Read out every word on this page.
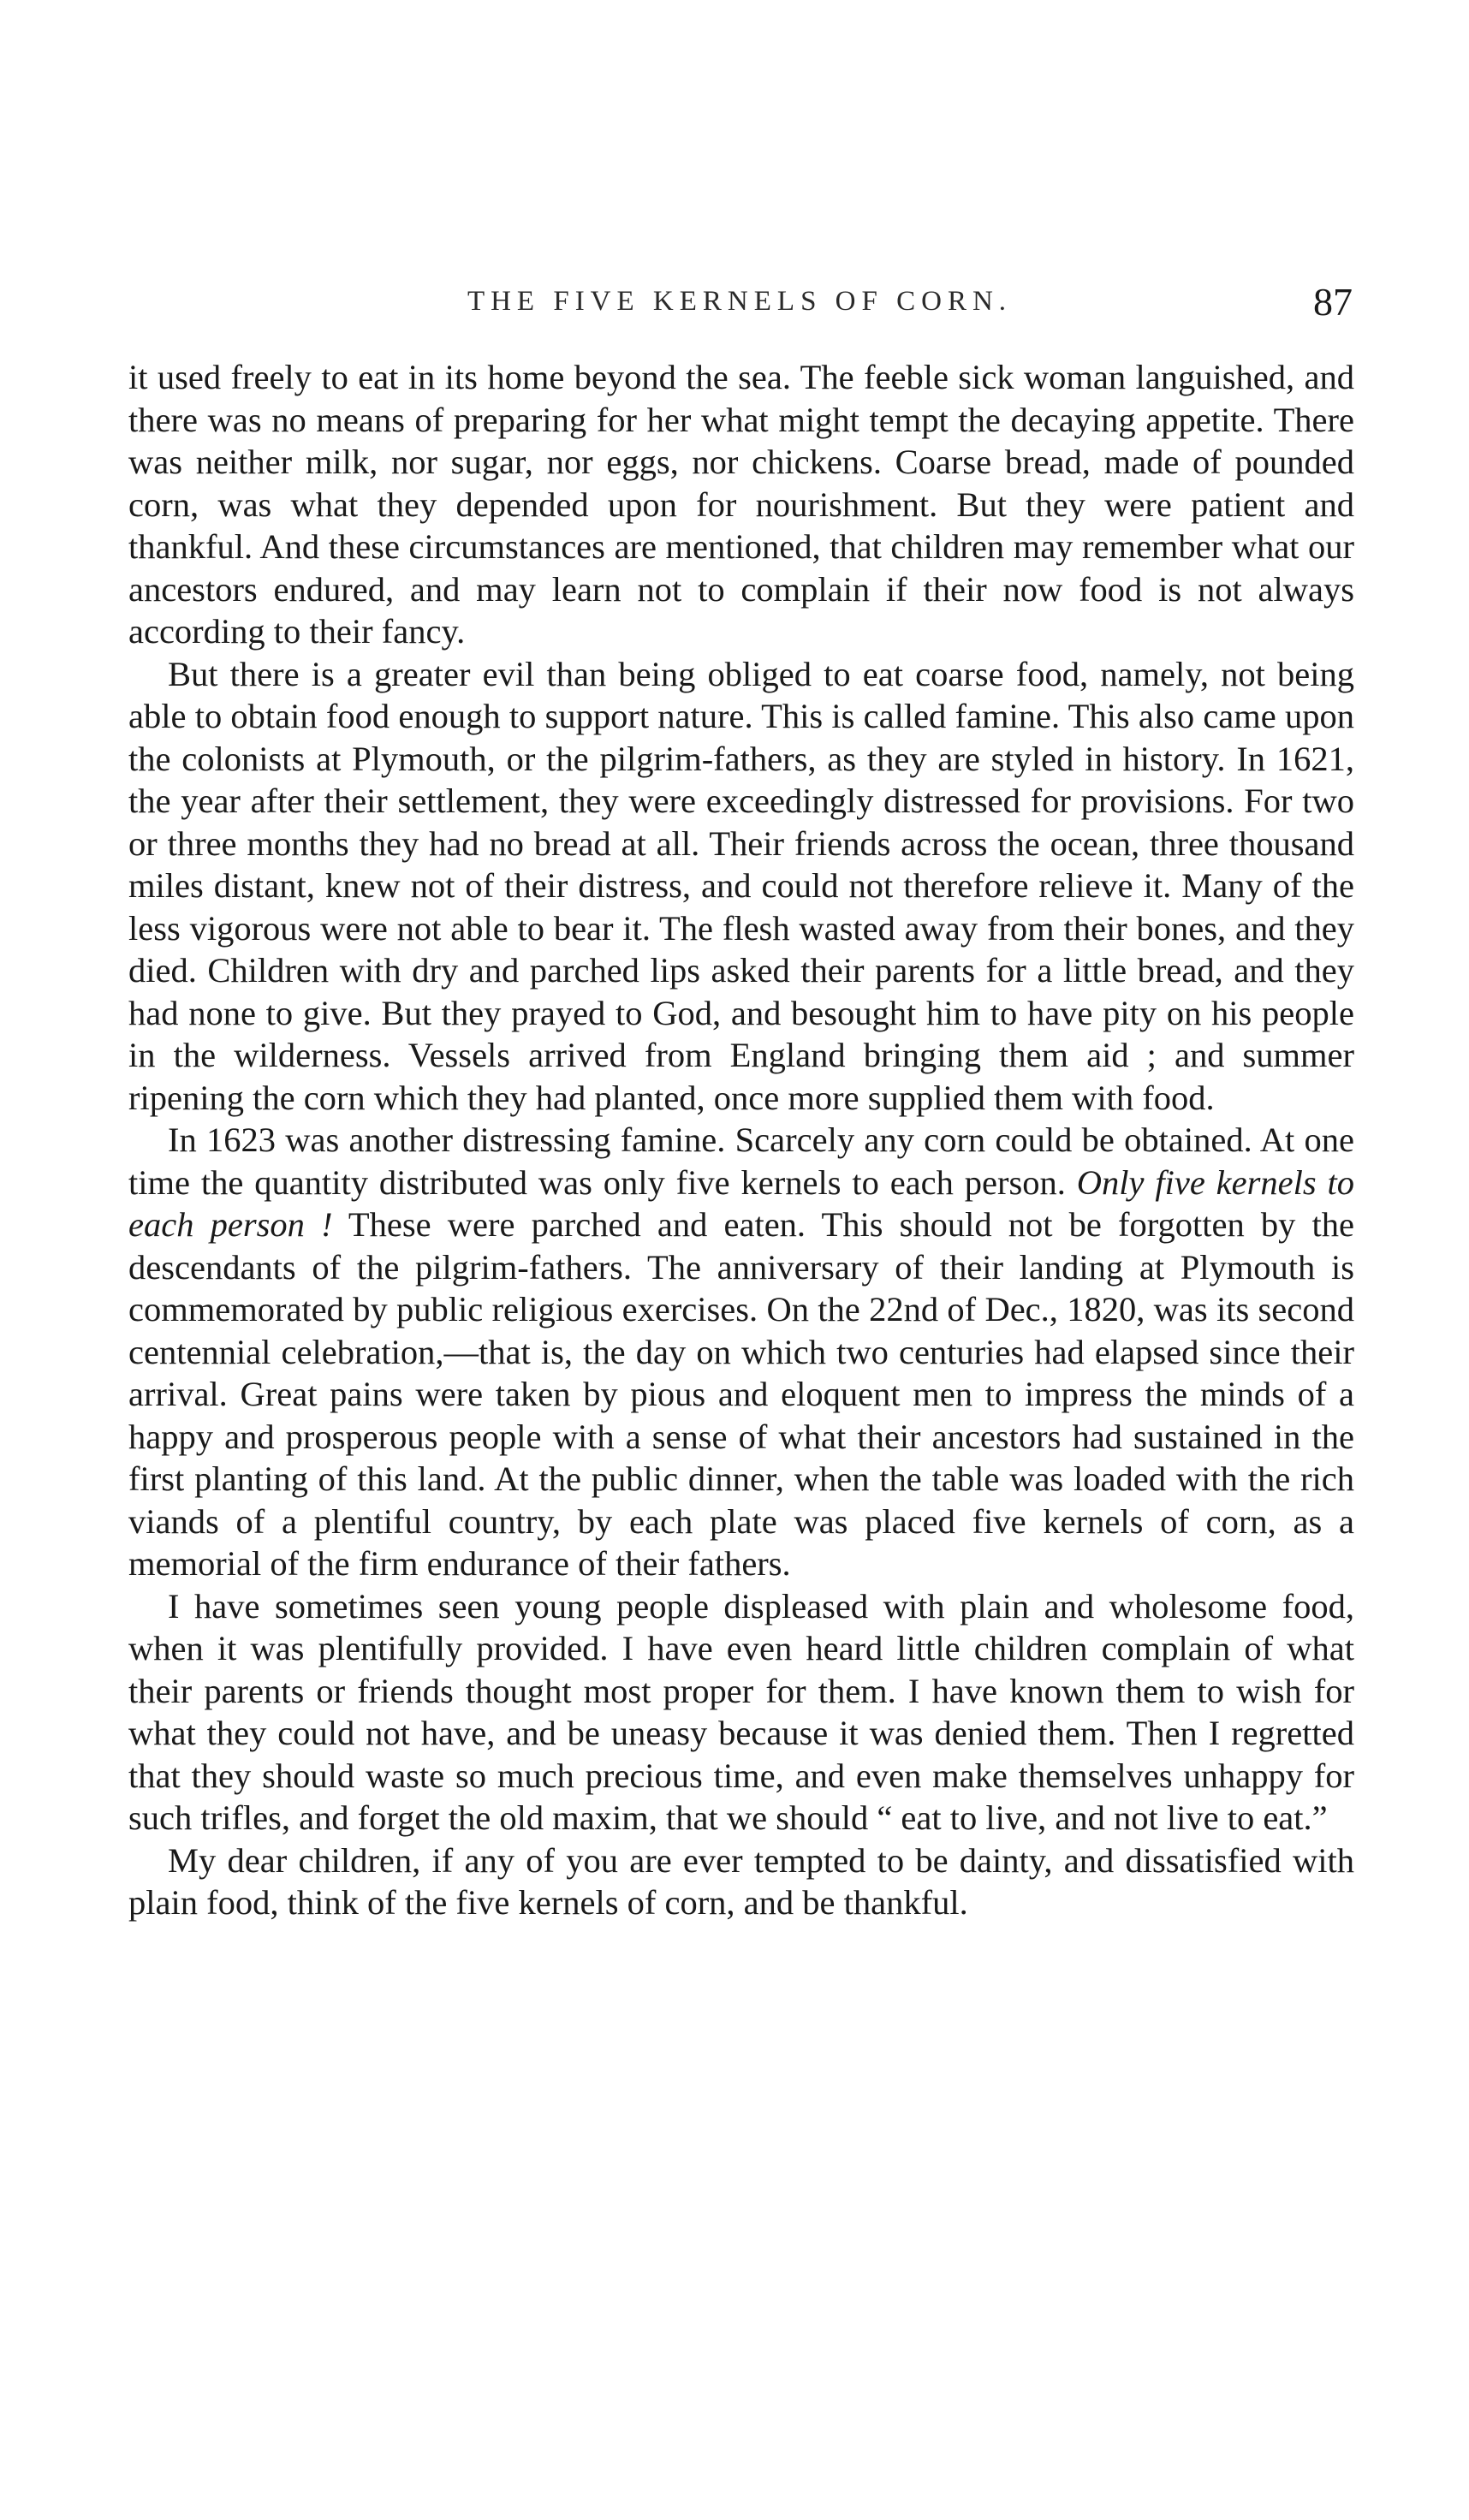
THE FIVE KERNELS OF CORN.	87

it used freely to eat in its home beyond the sea. The feeble sick woman languished, and there was no means of preparing for her what might tempt the decaying appetite. There was neither milk, nor sugar, nor eggs, nor chickens. Coarse bread, made of pounded corn, was what they depended upon for nourishment. But they were patient and thankful. And these circumstances are mentioned, that children may remember what our ancestors endured, and may learn not to complain if their now food is not always according to their fancy.

But there is a greater evil than being obliged to eat coarse food, namely, not being able to obtain food enough to support nature. This is called famine. This also came upon the colonists at Plymouth, or the pilgrim-fathers, as they are styled in history. In 1621, the year after their settlement, they were exceedingly distressed for provisions. For two or three months they had no bread at all. Their friends across the ocean, three thousand miles distant, knew not of their distress, and could not therefore relieve it. Many of the less vigorous were not able to bear it. The flesh wasted away from their bones, and they died. Children with dry and parched lips asked their parents for a little bread, and they had none to give. But they prayed to God, and besought him to have pity on his people in the wilderness. Vessels arrived from England bringing them aid ; and summer ripening the corn which they had planted, once more supplied them with food.

In 1623 was another distressing famine. Scarcely any corn could be obtained. At one time the quantity distributed was only five kernels to each person. Only five kernels to each person ! These were parched and eaten. This should not be forgotten by the descendants of the pilgrim-fathers. The anniversary of their landing at Plymouth is commemorated by public religious exercises. On the 22nd of Dec., 1820, was its second centennial celebration,—that is, the day on which two centuries had elapsed since their arrival. Great pains were taken by pious and eloquent men to impress the minds of a happy and prosperous people with a sense of what their ancestors had sustained in the first planting of this land. At the public dinner, when the table was loaded with the rich viands of a plentiful country, by each plate was placed five kernels of corn, as a memorial of the firm endurance of their fathers.

I have sometimes seen young people displeased with plain and wholesome food, when it was plentifully provided. I have even heard little children complain of what their parents or friends thought most proper for them. I have known them to wish for what they could not have, and be uneasy because it was denied them. Then I regretted that they should waste so much precious time, and even make themselves unhappy for such trifles, and forget the old maxim, that we should “ eat to live, and not live to eat.”

My dear children, if any of you are ever tempted to be dainty, and dissatisfied with plain food, think of the five kernels of corn, and be thankful.
